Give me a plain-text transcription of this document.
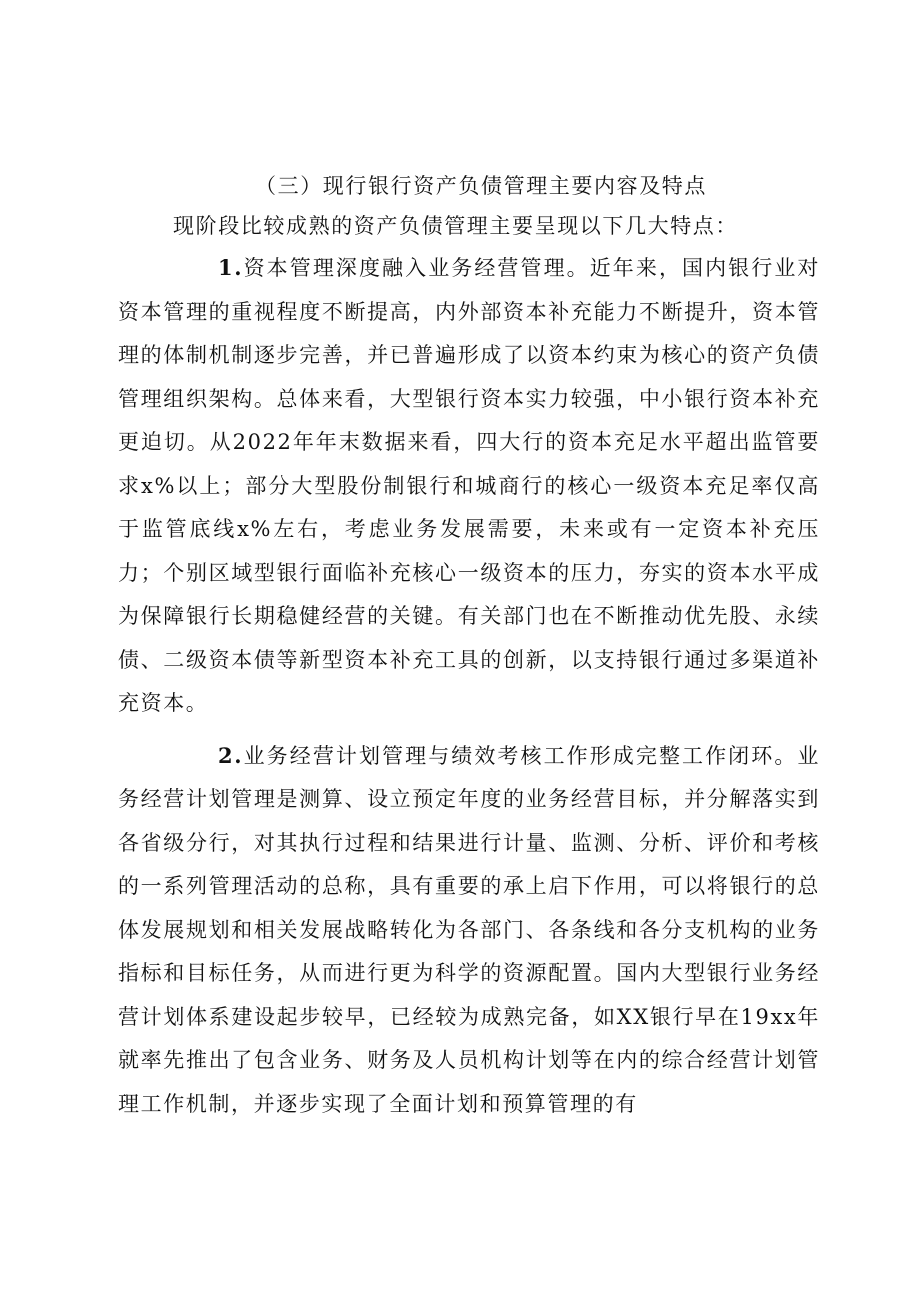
（三）现行银行资产负债管理主要内容及特点

现阶段比较成熟的资产负债管理主要呈现以下几大特点：

1.资本管理深度融入业务经营管理。近年来，国内银行业对资本管理的重视程度不断提高，内外部资本补充能力不断提升，资本管理的体制机制逐步完善，并已普遍形成了以资本约束为核心的资产负债管理组织架构。总体来看，大型银行资本实力较强，中小银行资本补充更迫切。从2022年年末数据来看，四大行的资本充足水平超出监管要求x%以上；部分大型股份制银行和城商行的核心一级资本充足率仅高于监管底线x%左右，考虑业务发展需要，未来或有一定资本补充压力；个别区域型银行面临补充核心一级资本的压力，夯实的资本水平成为保障银行长期稳健经营的关键。有关部门也在不断推动优先股、永续债、二级资本债等新型资本补充工具的创新，以支持银行通过多渠道补充资本。

2.业务经营计划管理与绩效考核工作形成完整工作闭环。业务经营计划管理是测算、设立预定年度的业务经营目标，并分解落实到各省级分行，对其执行过程和结果进行计量、监测、分析、评价和考核的一系列管理活动的总称，具有重要的承上启下作用，可以将银行的总体发展规划和相关发展战略转化为各部门、各条线和各分支机构的业务指标和目标任务，从而进行更为科学的资源配置。国内大型银行业务经营计划体系建设起步较早，已经较为成熟完备，如XX银行早在19xx年就率先推出了包含业务、财务及人员机构计划等在内的综合经营计划管理工作机制，并逐步实现了全面计划和预算管理的有
